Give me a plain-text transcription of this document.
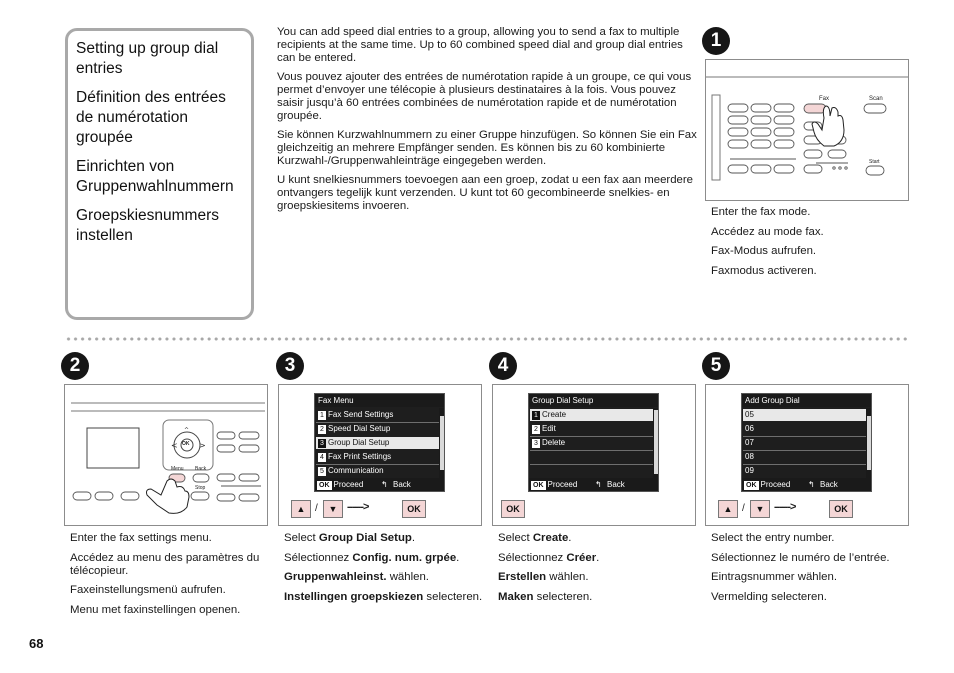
Setting up group dial entries
Définition des entrées de numérotation groupée
Einrichten von Gruppenwahlnummern
Groepskiesnummers instellen

You can add speed dial entries to a group, allowing you to send a fax to multiple recipients at the same time. Up to 60 combined speed dial and group dial entries can be entered.

Vous pouvez ajouter des entrées de numérotation rapide à un groupe, ce qui vous permet d’envoyer une télécopie à plusieurs destinataires à la fois. Vous pouvez saisir jusqu’à 60 entrées combinées de numérotation rapide et de numérotation groupée.

Sie können Kurzwahlnummern zu einer Gruppe hinzufügen. So können Sie ein Fax gleichzeitig an mehrere Empfänger senden. Es können bis zu 60 kombinierte Kurzwahl-/Gruppenwahleinträge eingegeben werden.

U kunt snelkiesnummers toevoegen aan een groep, zodat u een fax aan meerdere ontvangers tegelijk kunt verzenden. U kunt tot 60 gecombineerde snelkies- en groepskiesitems invoeren.

1
Fax	Scan
Start

Enter the fax mode.

Accédez au mode fax.

Fax-Modus aufrufen.

Faxmodus activeren.

2
<	>
^
OK
Menu Back
Stop

Enter the fax settings menu.

Accédez au menu des paramètres du télécopieur.

Faxeinstellungsmenü aufrufen.

Menu met faxinstellingen openen.

3
Fax Menu
1 Fax Send Settings
2 Speed Dial Setup
3 Group Dial Setup
4 Fax Print Settings
5 Communication
OK Proceed ↰ Back
▲ /	▼ ------>	OK

Select Group Dial Setup.

Sélectionnez Config. num. grpée.

Gruppenwahleinst. wählen.

Instellingen groepskiezen selecteren.

4
Group Dial Setup
1 Create
2 Edit
3 Delete
OK Proceed ↰ Back
OK

Select Create.

Sélectionnez Créer.

Erstellen wählen.

Maken selecteren.

5
Add Group Dial
05
06
07
08
09
OK Proceed ↰ Back
▲ /	▼ ------>	OK

Select the entry number.

Sélectionnez le numéro de l’entrée.

Eintragsnummer wählen.

Vermelding selecteren.

68
